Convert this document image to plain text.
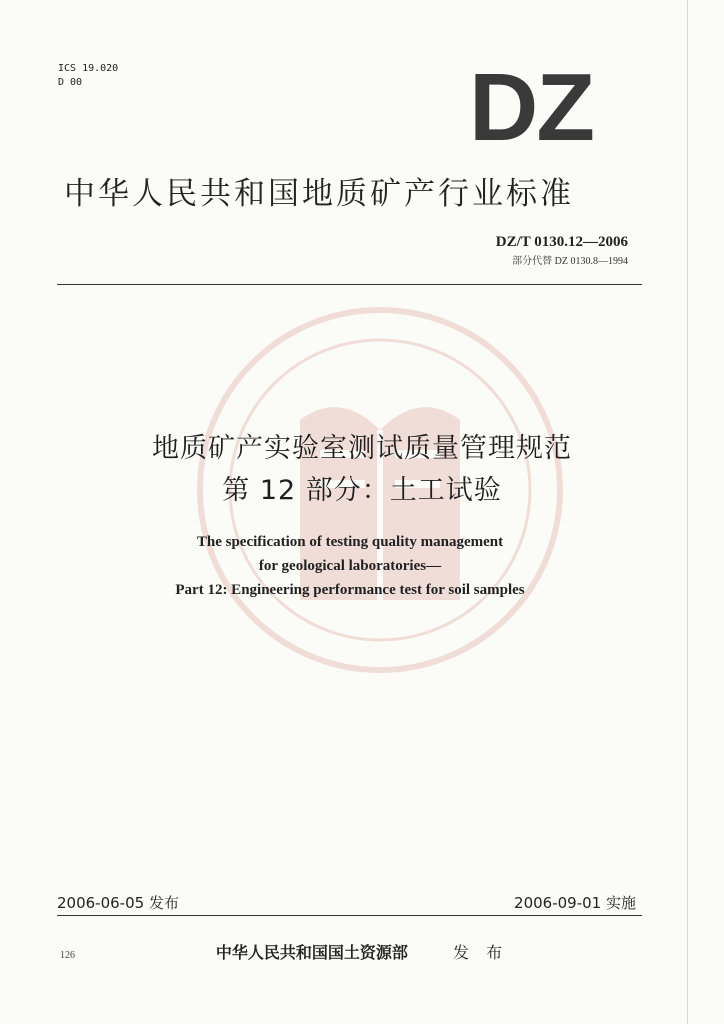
ICS 19.020
D 00	D Z
中华人民共和国地质矿产行业标准
DZ/T 0130.12—2006
部分代替 DZ 0130.8—1994
地质矿产实验室测试质量管理规范
第 12 部分：土工试验
The specification of testing quality management
for geological laboratories—
Part 12: Engineering performance test for soil samples
2006-06-05 发布	2006-09-01 实施
126	中华人民共和国国土资源部	发 布
